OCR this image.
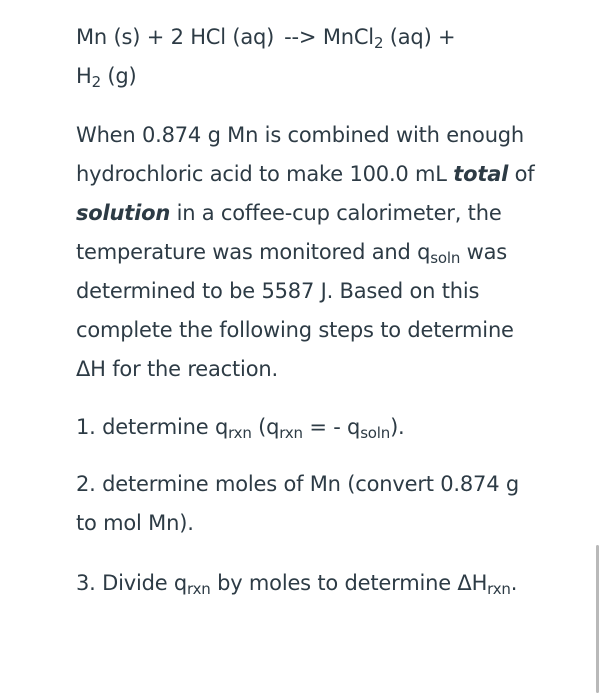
Mn (s) + 2 HCl (aq) --> MnCl$_2$ (aq) +
$H_2$ (g)

When 0.874 g Mn is combined with enough hydrochloric acid to make 100.0 mL total of solution in a coffee-cup calorimeter, the temperature was monitored and $q_{soln}$ was determined to be 5587 J. Based on this complete the following steps to determine ΔH for the reaction.

1. determine $q_{rxn}$ ($q_{rxn}$ = - $q_{soln}$).

2. determine moles of Mn (convert 0.874 g to mol Mn).

3. Divide $q_{rxn}$ by moles to determine $\Delta H_{rxn}$.
